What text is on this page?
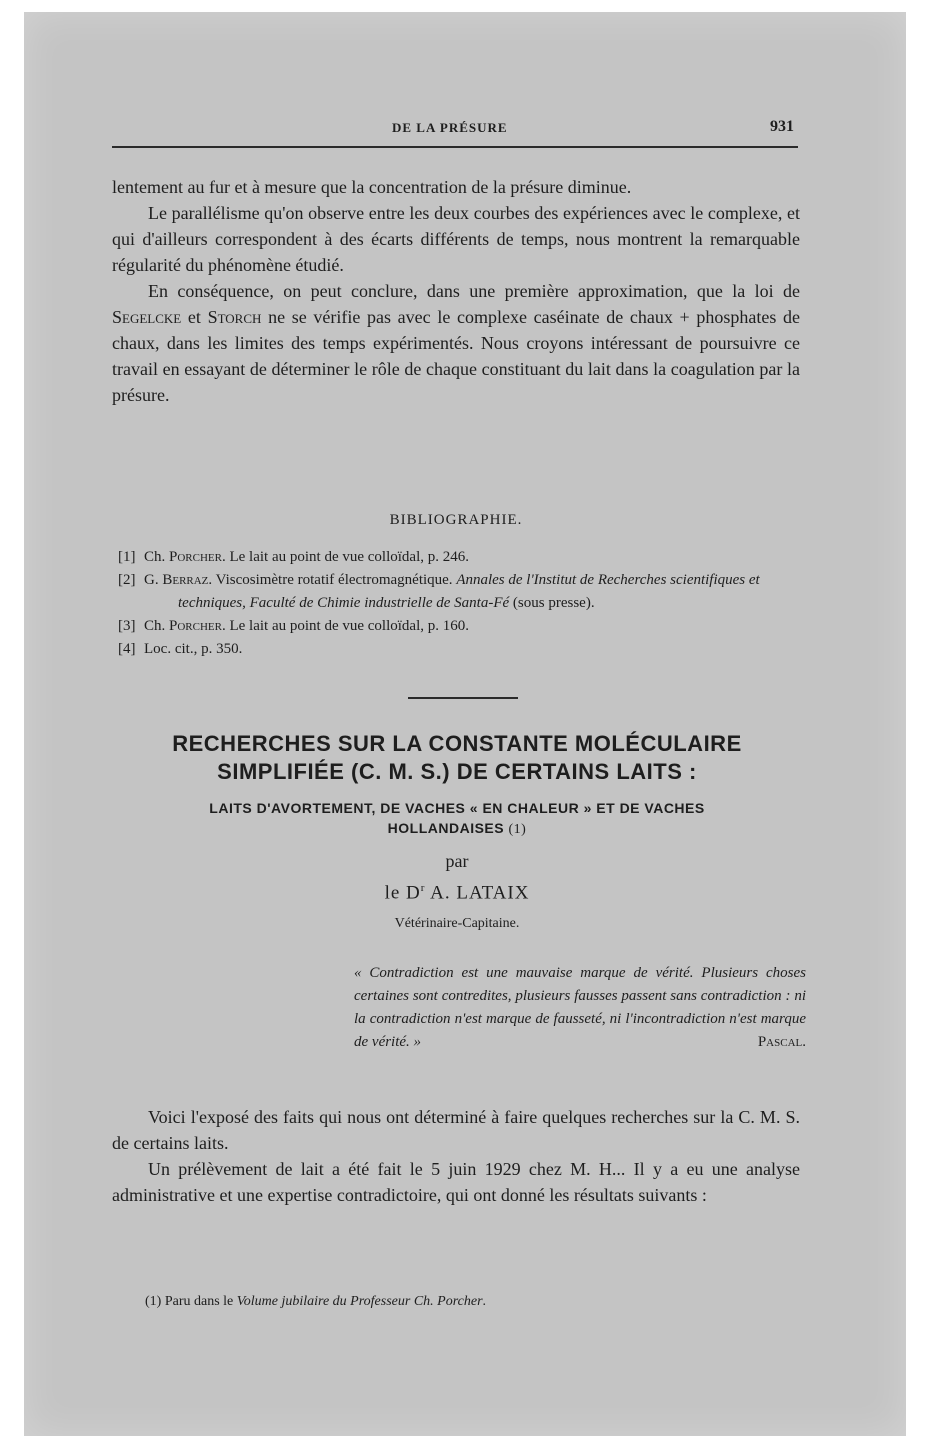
DE LA PRÉSURE	931

lentement au fur et à mesure que la concentration de la présure diminue.

Le parallélisme qu'on observe entre les deux courbes des expériences avec le complexe, et qui d'ailleurs correspondent à des écarts différents de temps, nous montrent la remarquable régularité du phénomène étudié.

En conséquence, on peut conclure, dans une première approximation, que la loi de Segelcke et Storch ne se vérifie pas avec le complexe caséinate de chaux + phosphates de chaux, dans les limites des temps expérimentés. Nous croyons intéressant de poursuivre ce travail en essayant de déterminer le rôle de chaque constituant du lait dans la coagulation par la présure.

BIBLIOGRAPHIE.

[1] Ch. Porcher. Le lait au point de vue colloïdal, p. 246.

[2] G. Berraz. Viscosimètre rotatif électromagnétique. Annales de l'Institut de Recherches scientifiques et techniques, Faculté de Chimie industrielle de Santa-Fé (sous presse).

[3] Ch. Porcher. Le lait au point de vue colloïdal, p. 160.

[4] Loc. cit., p. 350.

RECHERCHES SUR LA CONSTANTE MOLÉCULAIRE
SIMPLIFIÉE (C. M. S.) DE CERTAINS LAITS :
LAITS D'AVORTEMENT, DE VACHES « EN CHALEUR » ET DE VACHES
HOLLANDAISES (1)
par
le $D^r$ A. LATAIX
Vétérinaire-Capitaine.
« Contradiction est une mauvaise marque de vérité. Plusieurs choses certaines sont contredites, plusieurs fausses passent sans contradiction : ni la contradiction n'est marque de fausseté, ni l'incontradiction n'est marque de vérité. »	Pascal.

Voici l'exposé des faits qui nous ont déterminé à faire quelques recherches sur la C. M. S. de certains laits.

Un prélèvement de lait a été fait le 5 juin 1929 chez M. H... Il y a eu une analyse administrative et une expertise contradictoire, qui ont donné les résultats suivants :

(1) Paru dans le Volume jubilaire du Professeur Ch. Porcher.
